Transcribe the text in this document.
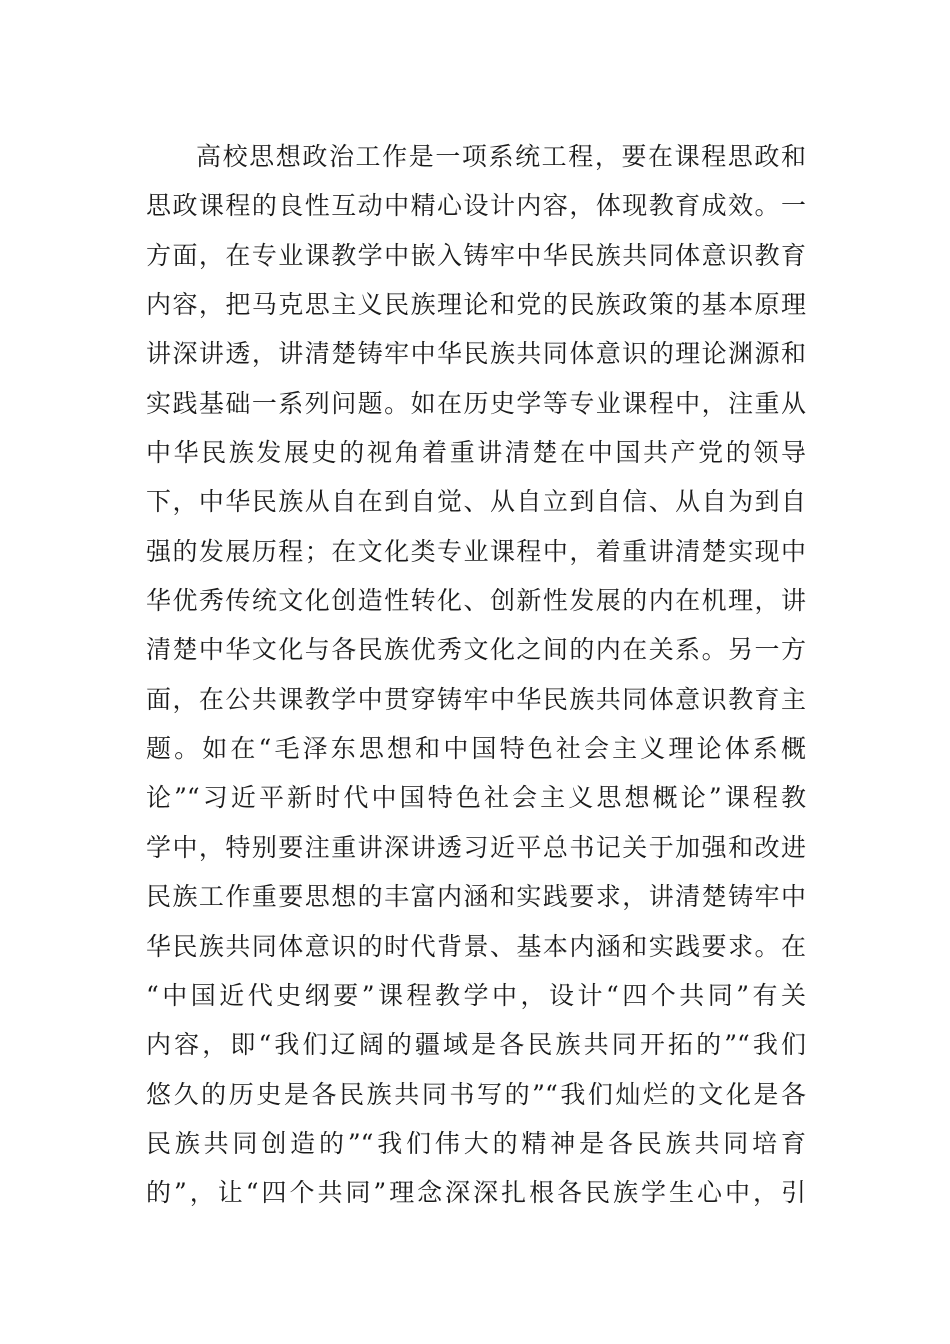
高校思想政治工作是一项系统工程，要在课程思政和
思政课程的良性互动中精心设计内容，体现教育成效。一
方面，在专业课教学中嵌入铸牢中华民族共同体意识教育
内容，把马克思主义民族理论和党的民族政策的基本原理
讲深讲透，讲清楚铸牢中华民族共同体意识的理论渊源和
实践基础一系列问题。如在历史学等专业课程中，注重从
中华民族发展史的视角着重讲清楚在中国共产党的领导
下，中华民族从自在到自觉、从自立到自信、从自为到自
强的发展历程；在文化类专业课程中，着重讲清楚实现中
华优秀传统文化创造性转化、创新性发展的内在机理，讲
清楚中华文化与各民族优秀文化之间的内在关系。另一方
面，在公共课教学中贯穿铸牢中华民族共同体意识教育主
题。如在“毛泽东思想和中国特色社会主义理论体系概
论”“习近平新时代中国特色社会主义思想概论”课程教
学中，特别要注重讲深讲透习近平总书记关于加强和改进
民族工作重要思想的丰富内涵和实践要求，讲清楚铸牢中
华民族共同体意识的时代背景、基本内涵和实践要求。在
“中国近代史纲要”课程教学中，设计“四个共同”有关
内容，即“我们辽阔的疆域是各民族共同开拓的”“我们
悠久的历史是各民族共同书写的”“我们灿烂的文化是各
民族共同创造的”“我们伟大的精神是各民族共同培育
的”，让“四个共同”理念深深扎根各民族学生心中，引
